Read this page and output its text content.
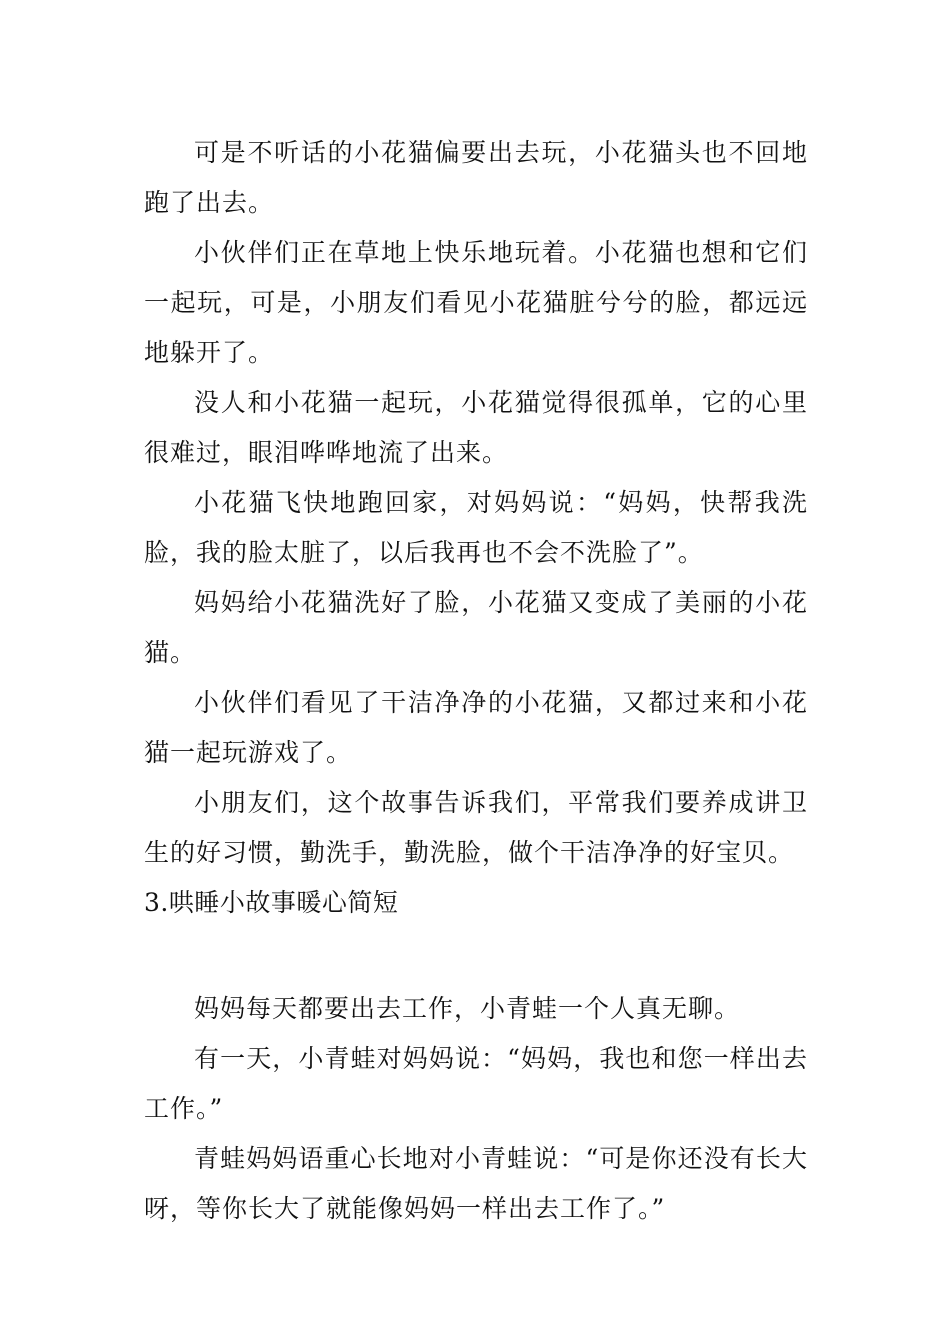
可是不听话的小花猫偏要出去玩，小花猫头也不回地跑了出去。

小伙伴们正在草地上快乐地玩着。小花猫也想和它们一起玩，可是，小朋友们看见小花猫脏兮兮的脸，都远远地躲开了。

没人和小花猫一起玩，小花猫觉得很孤单，它的心里很难过，眼泪哗哗地流了出来。

小花猫飞快地跑回家，对妈妈说：“妈妈，快帮我洗脸，我的脸太脏了，以后我再也不会不洗脸了”。

妈妈给小花猫洗好了脸，小花猫又变成了美丽的小花猫。

小伙伴们看见了干洁净净的小花猫，又都过来和小花猫一起玩游戏了。

小朋友们，这个故事告诉我们，平常我们要养成讲卫生的好习惯，勤洗手，勤洗脸，做个干洁净净的好宝贝。

3.哄睡小故事暖心简短

妈妈每天都要出去工作，小青蛙一个人真无聊。

有一天，小青蛙对妈妈说：“妈妈，我也和您一样出去工作。”

青蛙妈妈语重心长地对小青蛙说：“可是你还没有长大呀，等你长大了就能像妈妈一样出去工作了。”
